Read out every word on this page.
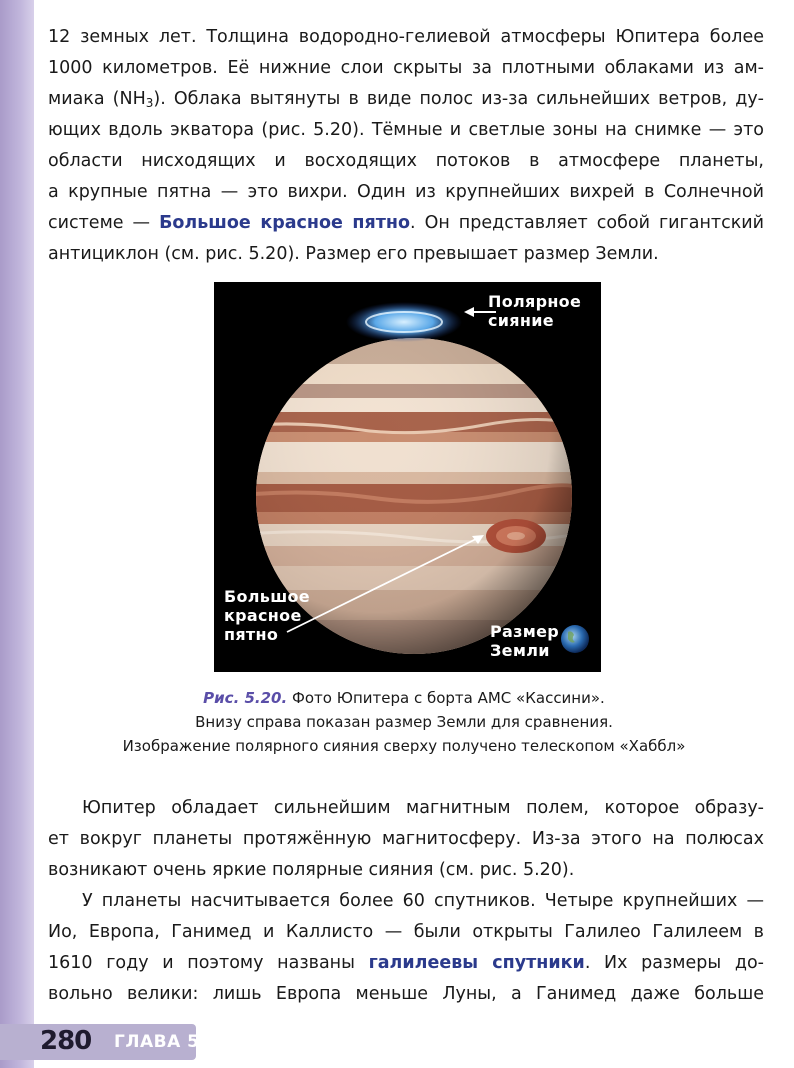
12 земных лет. Толщина водородно-гелиевой атмосферы Юпитера более
1000 километров. Её нижние слои скрыты за плотными облаками из ам-
миака $(NH_3)$. Облака вытянуты в виде полос из-за сильнейших ветров, ду-
ющих вдоль экватора (рис. 5.20). Тёмные и светлые зоны на снимке — это
области нисходящих и восходящих потоков в атмосфере планеты,
а крупные пятна — это вихри. Один из крупнейших вихрей в Солнечной
системе — Большое красное пятно. Он представляет собой гигантский
антициклон (см. рис. 5.20). Размер его превышает размер Земли.
Полярное
сияние
Большое
красное
пятно	Размер
Земли
Рис. 5.20. Фото Юпитера с борта АМС «Кассини».
Внизу справа показан размер Земли для сравнения.
Изображение полярного сияния сверху получено телескопом «Хаббл»
Юпитер обладает сильнейшим магнитным полем, которое образу-
ет вокруг планеты протяжённую магнитосферу. Из-за этого на полюсах
возникают очень яркие полярные сияния (см. рис. 5.20).
У планеты насчитывается более 60 спутников. Четыре крупнейших —
Ио, Европа, Ганимед и Каллисто — были открыты Галилео Галилеем в
1610 году и поэтому названы галилеевы спутники. Их размеры до-
вольно велики: лишь Европа меньше Луны, а Ганимед даже больше
280 ГЛАВА 5
